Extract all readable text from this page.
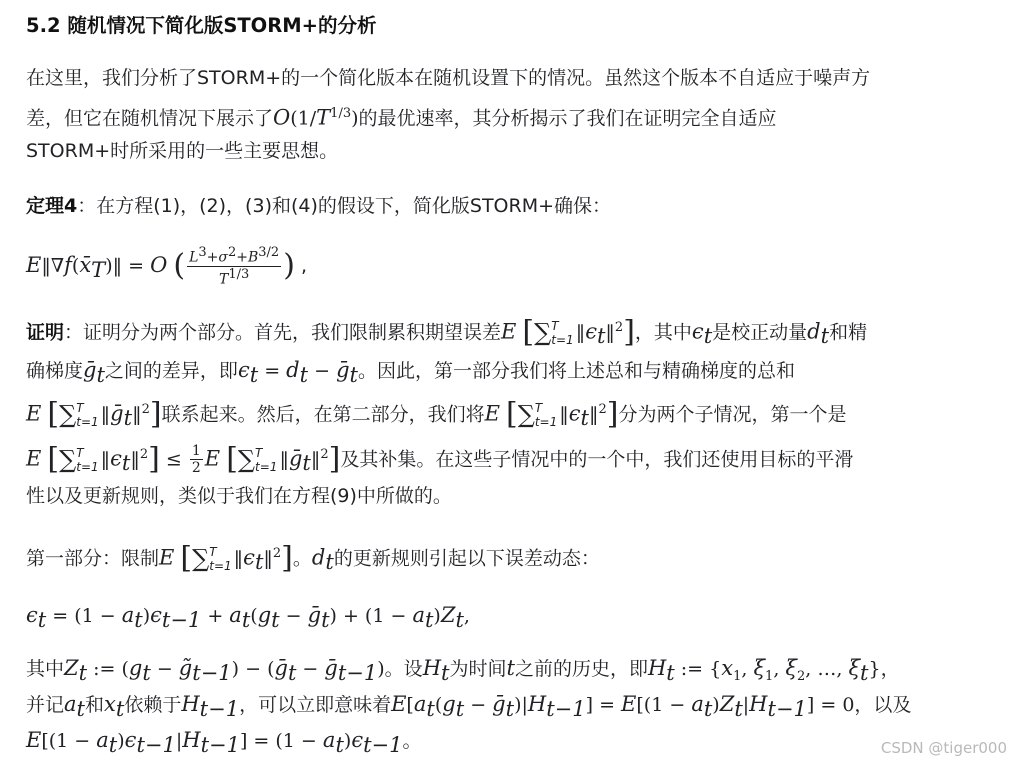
5.2 随机情况下简化版STORM+的分析
在这里，我们分析了STORM+的一个简化版本在随机设置下的情况。虽然这个版本不自适应于噪声方
差，但它在随机情况下展示了$O(1/T^{1/3})$的最优速率，其分析揭示了我们在证明完全自适应
STORM+时所采用的一些主要思想。
定理4：在方程(1)，(2)，(3)和(4)的假设下，简化版STORM+确保：
$E‖\nabla f(x̄_T)‖ = O$ ( $\frac{L^3+\sigma^2+B^{3/2}}{T^{1/3}}$ ) ,
证明：证明分为两个部分。首先，我们限制累积期望误差E [∑ T
t=1 $‖\epsilon_t‖^2$]，其中$\epsilon_t$是校正动量$d_t$和精
确梯度ḡ$_t$之间的差异，即$\epsilon_t = d_t$ − ḡ$_t$。因此，第一部分我们将上述总和与精确梯度的总和
E [∑ T
t=1 ‖ḡ$_t$‖$^2$]联系起来。然后，在第二部分，我们将E [∑ T
t=1 $‖\epsilon_t‖^2$]分为两个子情况，第一个是
E [∑ T
t=1 $‖\epsilon_t‖^2] \le \frac{1}{2}$ E [∑ T
t=1 ‖ḡ$_t$‖$^2$]及其补集。在这些子情况中的一个中，我们还使用目标的平滑
性以及更新规则，类似于我们在方程(9)中所做的。
第一部分：限制E [∑ T
t=1 $‖\epsilon_t‖^2$]。$d_t$的更新规则引起以下误差动态：
$\epsilon_t = (1 - a_t)\epsilon_{t-1} + a_t(g_t$ − ḡ$_t$) + $(1 - a_t)Z_t$,
其中$Z_t$ := ($g_t$ − $g̃_{t-1}$) − (ḡ$_t$ − ḡ$_{t-1}$)。设$H_t$为时间t之前的历史，即$H_t$ := {$x_1$, $\xi_1$, $\xi_2$, …, $\xi_t$}，
并记$a_t$和$x_t$依赖于$H_{t-1}$，可以立即意味着$E[a_t(g_t$ − $ḡ_t)|H_{t-1}] = E[(1 - a_t)Z_t|H_{t-1}] = 0$，以及
$E[(1 - a_t)\epsilon_{t-1}|H_{t-1}] = (1 - a_t)\epsilon_{t-1}$。	CSDN @tiger000
